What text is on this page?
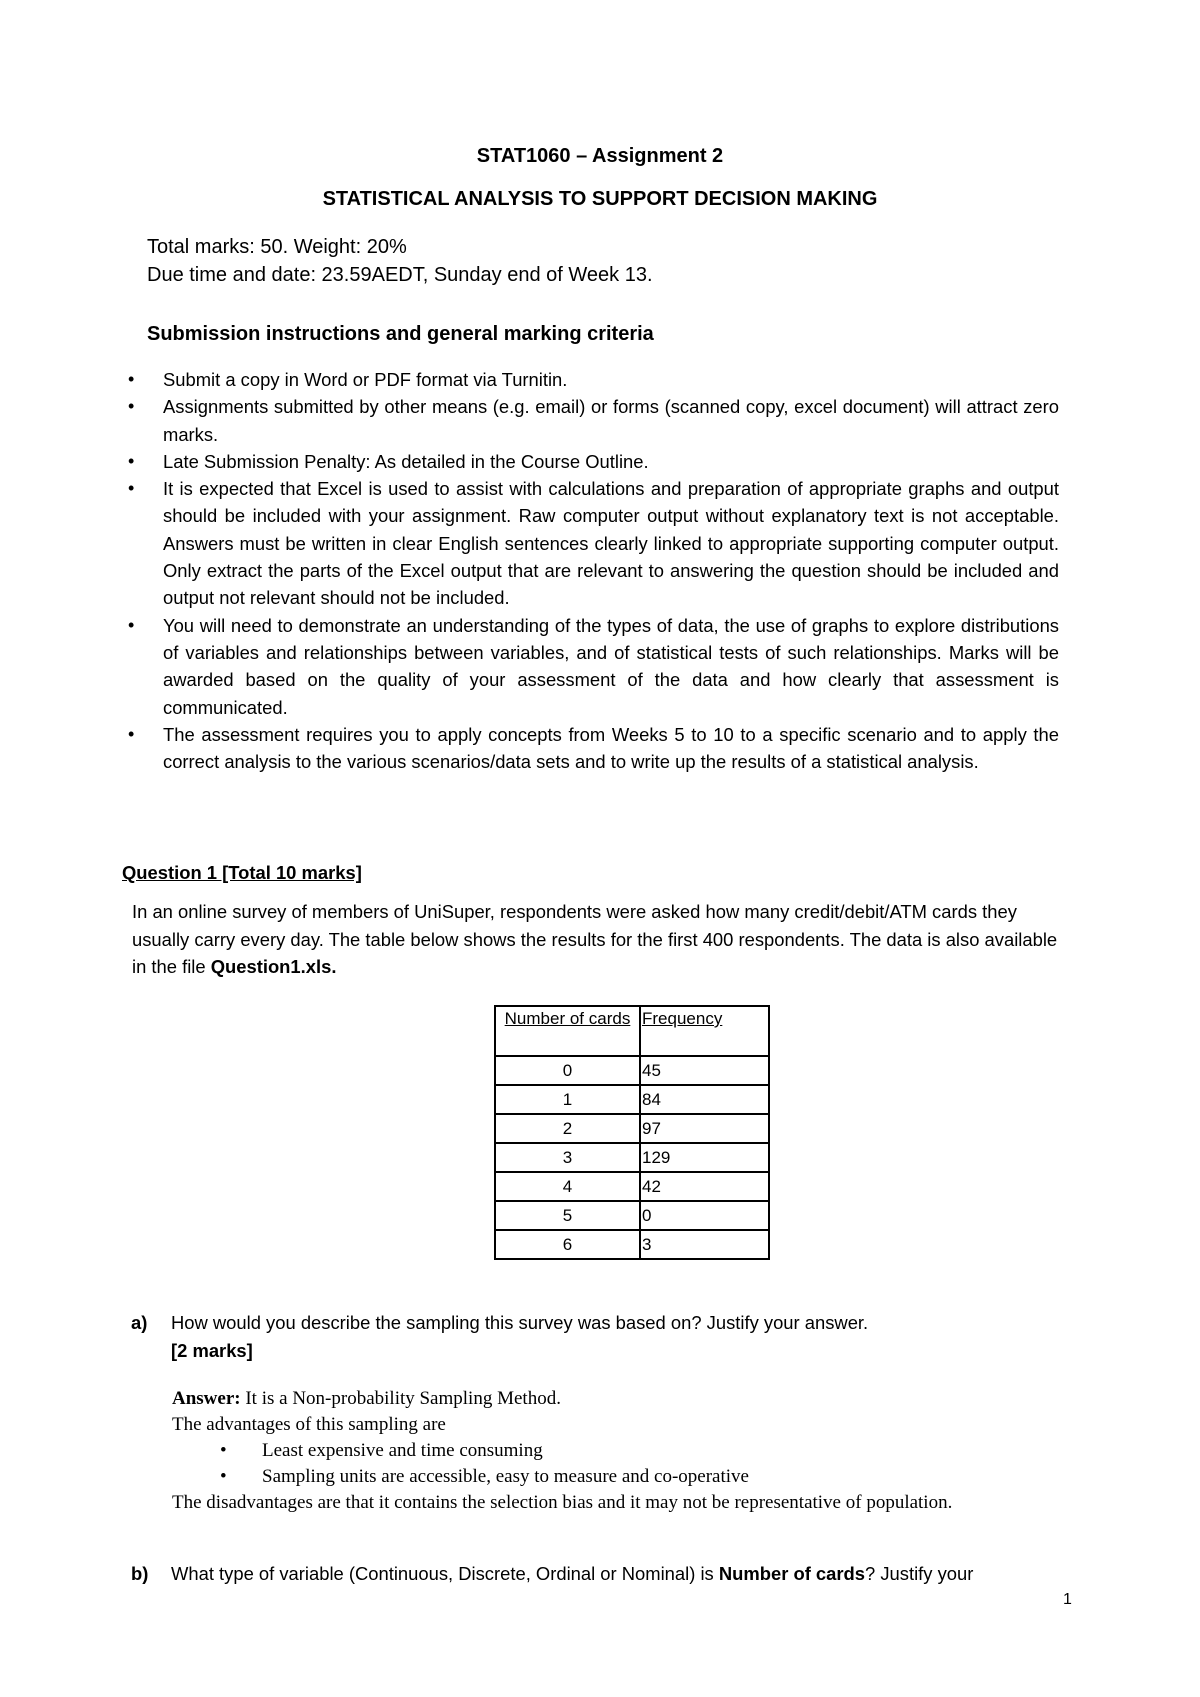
STAT1060 – Assignment 2
STATISTICAL ANALYSIS TO SUPPORT DECISION MAKING
Total marks: 50. Weight: 20%
Due time and date: 23.59AEDT, Sunday end of Week 13.
Submission instructions and general marking criteria
• Submit a copy in Word or PDF format via Turnitin.
• Assignments submitted by other means (e.g. email) or forms (scanned copy, excel document) will attract zero marks.
• Late Submission Penalty: As detailed in the Course Outline.
• It is expected that Excel is used to assist with calculations and preparation of appropriate graphs and output should be included with your assignment. Raw computer output without explanatory text is not acceptable. Answers must be written in clear English sentences clearly linked to appropriate supporting computer output. Only extract the parts of the Excel output that are relevant to answering the question should be included and output not relevant should not be included.
• You will need to demonstrate an understanding of the types of data, the use of graphs to explore distributions of variables and relationships between variables, and of statistical tests of such relationships. Marks will be awarded based on the quality of your assessment of the data and how clearly that assessment is communicated.
• The assessment requires you to apply concepts from Weeks 5 to 10 to a specific scenario and to apply the correct analysis to the various scenarios/data sets and to write up the results of a statistical analysis.
Question 1 [Total 10 marks]
In an online survey of members of UniSuper, respondents were asked how many credit/debit/ATM cards they usually carry every day. The table below shows the results for the first 400 respondents. The data is also available in the file Question1.xls.
Number of cards	Frequency
0	45
1	84
2	97
3	129
4	42
5	0
6	3
a) How would you describe the sampling this survey was based on? Justify your answer.
[2 marks]
Answer: It is a Non-probability Sampling Method.
The advantages of this sampling are
• Least expensive and time consuming
• Sampling units are accessible, easy to measure and co-operative
The disadvantages are that it contains the selection bias and it may not be representative of population.
b) What type of variable (Continuous, Discrete, Ordinal or Nominal) is Number of cards? Justify your
1
